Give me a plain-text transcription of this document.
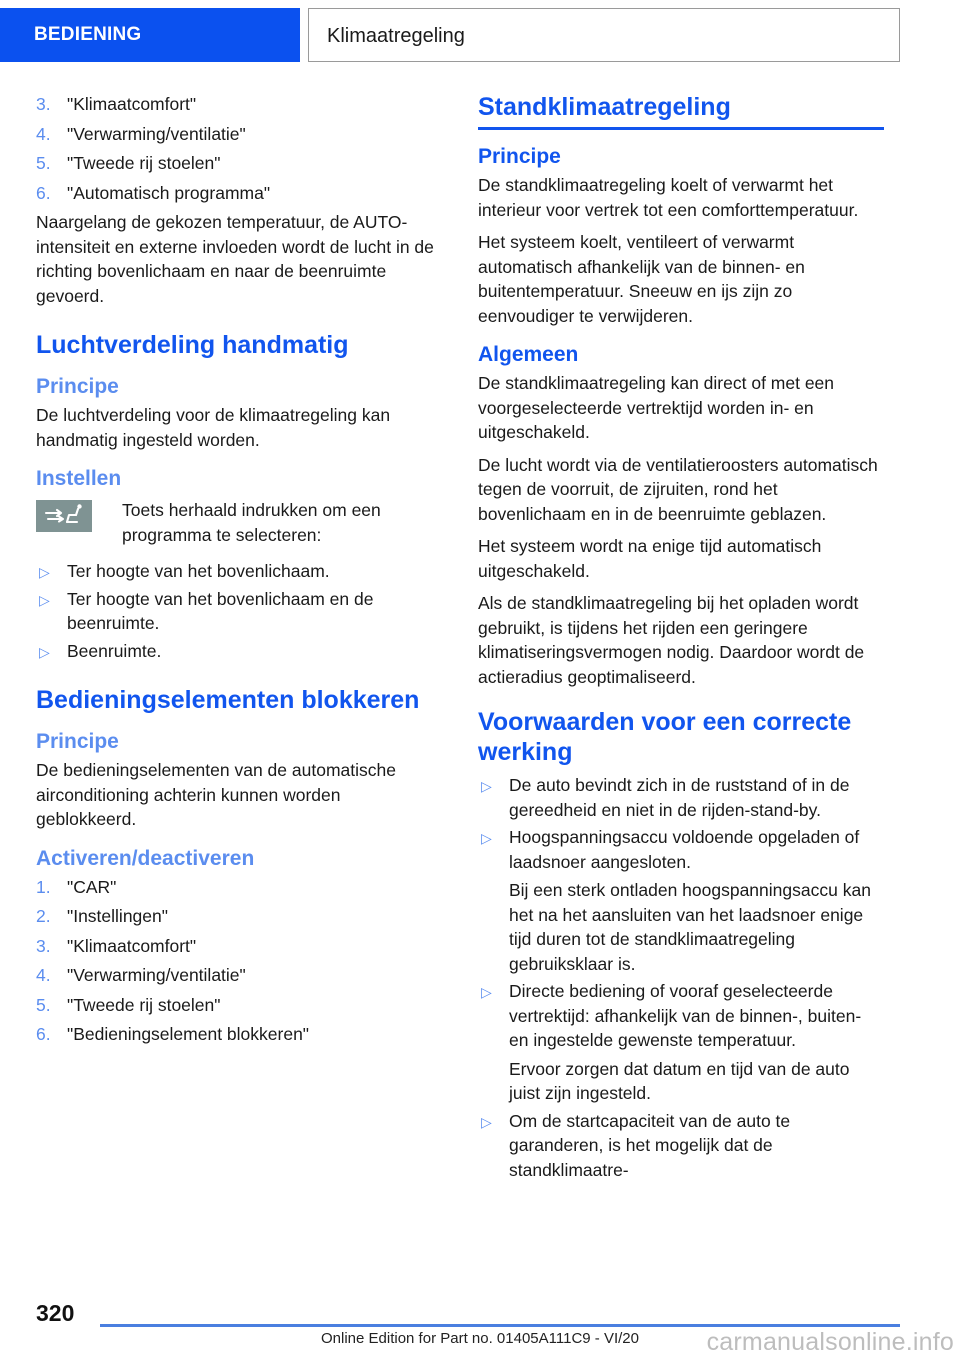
BEDIENING	Klimaatregeling
3. "Klimaatcomfort"
4. "Verwarming/ventilatie"
5. "Tweede rij stoelen"
6. "Automatisch programma"

Naargelang de gekozen temperatuur, de AUTO-intensiteit en externe invloeden wordt de lucht in de richting bovenlichaam en naar de beenruimte gevoerd.

Luchtverdeling handmatig
Principe

De luchtverdeling voor de klimaatregeling kan handmatig ingesteld worden.

Instellen
Toets herhaald indrukken om een programma te selecteren:
▷ Ter hoogte van het bovenlichaam.
▷ Ter hoogte van het bovenlichaam en de beenruimte.
▷ Beenruimte.
Bedieningselementen blokkeren
Principe

De bedieningselementen van de automatische airconditioning achterin kunnen worden geblokkeerd.

Activeren/deactiveren
1. "CAR"
2. "Instellingen"
3. "Klimaatcomfort"
4. "Verwarming/ventilatie"
5. "Tweede rij stoelen"
6. "Bedieningselement blokkeren"
Standklimaatregeling
Principe

De standklimaatregeling koelt of verwarmt het interieur voor vertrek tot een comforttemperatuur.

Het systeem koelt, ventileert of verwarmt automatisch afhankelijk van de binnen- en buitentemperatuur. Sneeuw en ijs zijn zo eenvoudiger te verwijderen.

Algemeen

De standklimaatregeling kan direct of met een voorgeselecteerde vertrektijd worden in- en uitgeschakeld.

De lucht wordt via de ventilatieroosters automatisch tegen de voorruit, de zijruiten, rond het bovenlichaam en in de beenruimte geblazen.

Het systeem wordt na enige tijd automatisch uitgeschakeld.

Als de standklimaatregeling bij het opladen wordt gebruikt, is tijdens het rijden een geringere klimatiseringsvermogen nodig. Daardoor wordt de actieradius geoptimaliseerd.

Voorwaarden voor een correcte werking
▷ De auto bevindt zich in de ruststand of in de gereedheid en niet in de rijden-stand-by.
▷ Hoogspanningsaccu voldoende opgeladen of laadsnoer aangesloten.
Bij een sterk ontladen hoogspanningsaccu kan het na het aansluiten van het laadsnoer enige tijd duren tot de standklimaatregeling gebruiksklaar is.
▷ Directe bediening of vooraf geselecteerde vertrektijd: afhankelijk van de binnen-, buiten- en ingestelde gewenste temperatuur.
Ervoor zorgen dat datum en tijd van de auto juist zijn ingesteld.
▷ Om de startcapaciteit van de auto te garanderen, is het mogelijk dat de standklimaatre-
320
Online Edition for Part no. 01405A111C9 - VI/20	carmanualsonline.info
